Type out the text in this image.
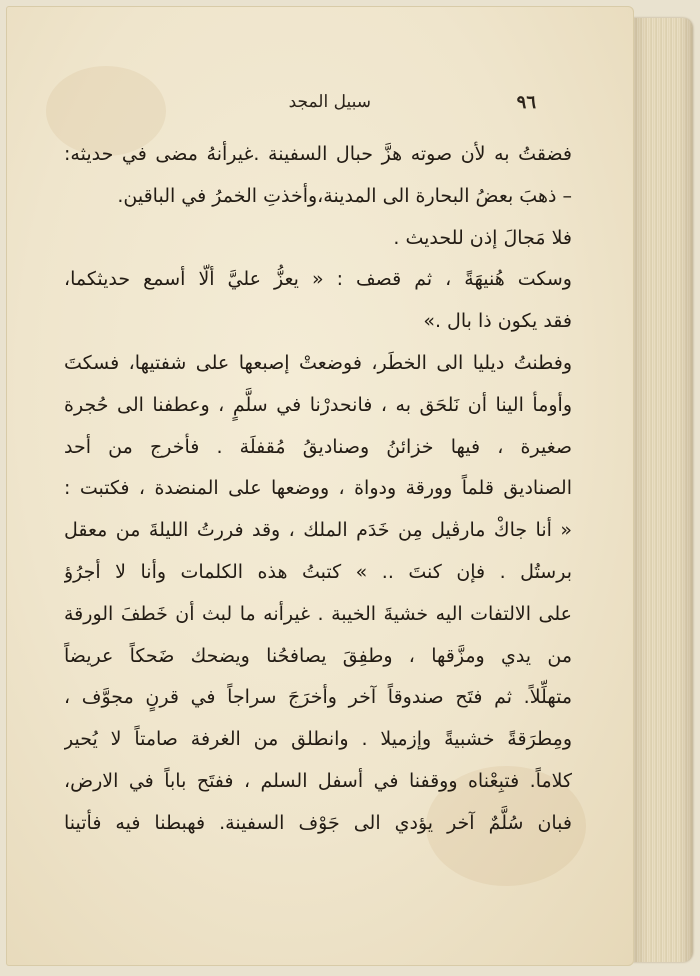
٩٦
سبيل المجد
فضقتُ به لأن صوته هزَّ حبال السفينة .غيرأنهُ مضى في حديثه:
– ذهبَ بعضُ البحارة الى المدينة،وأخذتِ الخمرُ في الباقين.
فلا مَجالَ إذن للحديث .
وسكت هُنيهَةً ، ثم قصف : « يعزُّ عليَّ ألّا أسمع حديثكما،
فقد يكون ذا بال .»
وفطنتُ ديليا الى الخطَر، فوضعتْ إصبعها على شفتيها، فسكتَ
وأومأ الينا أن نَلحَق به ، فانحدرْنا في سلَّمٍ ، وعطفنا الى حُجرة
صغيرة ، فيها خزائنُ وصناديقُ مُقفلَة . فأخرج من أحد
الصناديق قلماً وورقة ودواة ، ووضعها على المنضدة ، فكتبت :
« أنا جاكْ مارڤيل مِن خَدَم الملك ، وقد فررتُ الليلةَ من معقل
برستُل . فإن كنتَ .. » كتبتُ هذه الكلمات وأنا لا أجرُؤ
على الالتفات اليه خشيةَ الخيبة . غيرأنه ما لبث أن خَطفَ الورقة
من يدي ومزَّقها ، وطفِقَ يصافحُنا ويضحك ضَحكاً عريضاً
متهلِّلاً. ثم فتَح صندوقاً آخر وأخرَجَ سراجاً في قرنٍ مجوَّف ،
ومِطرَقةً خشبيةً وإزميلا . وانطلق من الغرفة صامتاً لا يُحير
كلاماً. فتبِعْناه ووقفنا في أسفل السلم ، ففتَح باباً في الارض،
فبان سُلَّمٌ آخر يؤدي الى جَوْف السفينة. فهبطنا فيه فأتينا
